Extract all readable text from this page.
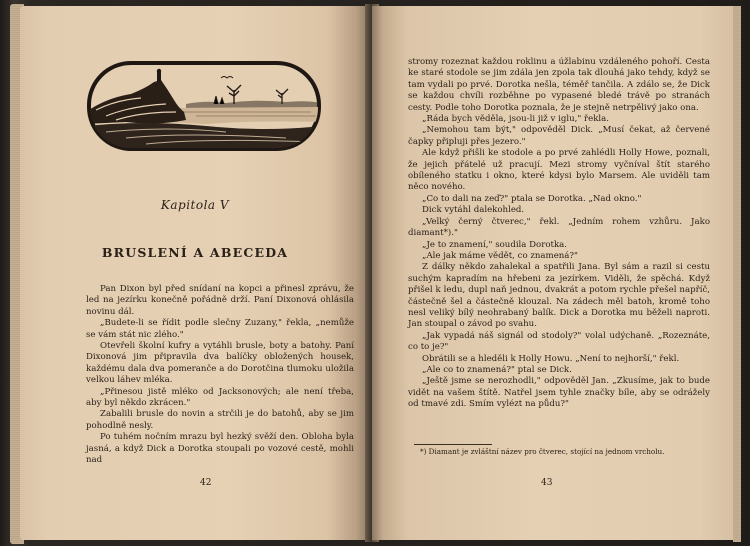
Kapitola V
BRUSLENÍ A ABECEDA

Pan Dixon byl před snídaní na kopci a přinesl zprávu, že led na jezírku konečně pořádně drží. Paní Dixonová ohlásila novinu dál.

„Budete-li se řídit podle slečny Zuzany," řekla, „nemůže se vám stát nic zlého."

Otevřeli školní kufry a vytáhli brusle, boty a batohy. Paní Dixonová jim připravila dva balíčky obložených housek, každému dala dva pomeranče a do Dorotčina tlumoku uložila velkou láhev mléka.

„Přinesou jistě mléko od Jacksonových; ale není třeba, aby byl někdo zkrácen."

Zabalili brusle do novin a strčili je do batohů, aby se jim pohodlně nesly.

Po tuhém nočním mrazu byl hezký svěží den. Obloha byla jasná, a když Dick a Dorotka stoupali po vozové cestě, mohli nad

42

stromy rozeznat každou roklinu a úžlabinu vzdáleného pohoří. Cesta ke staré stodole se jim zdála jen zpola tak dlouhá jako tehdy, když se tam vydali po prvé. Dorotka nešla, téměř tančila. A zdálo se, že Dick se každou chvíli rozběhne po vypasené bledé trávě po stranách cesty. Podle toho Dorotka poznala, že je stejně netrpělivý jako ona.

„Ráda bych věděla, jsou-li již v iglu," řekla.

„Nemohou tam být," odpověděl Dick. „Musí čekat, až červené čapky připluji přes jezero."

Ale když přišli ke stodole a po prvé zahlédli Holly Howe, poznali, že jejich přátelé už pracují. Mezi stromy vyčníval štít starého obíleného statku i okno, které kdysi bylo Marsem. Ale uviděli tam něco nového.

„Co to dali na zeď?" ptala se Dorotka. „Nad okno."

Dick vytáhl dalekohled.

„Velký černý čtverec," řekl. „Jedním rohem vzhůru. Jako diamant*)."

„Je to znamení," soudila Dorotka.

„Ale jak máme vědět, co znamená?"

Z dálky někdo zahalekal a spatřili Jana. Byl sám a razil si cestu suchým kapradím na hřebeni za jezírkem. Viděli, že spěchá. Když přišel k ledu, dupl naň jednou, dvakrát a potom rychle přešel napříč, částečně šel a částečně klouzal. Na zádech měl batoh, kromě toho nesl veliký bílý neohrabaný balík. Dick a Dorotka mu běželi naproti. Jan stoupal o závod po svahu.

„Jak vypadá náš signál od stodoly?" volal udýchaně. „Rozeznáte, co to je?"

Obrátili se a hleděli k Holly Howu. „Není to nejhorší," řekl.

„Ale co to znamená?" ptal se Dick.

„Ještě jsme se nerozhodli," odpověděl Jan. „Zkusíme, jak to bude vidět na vašem štítě. Natřel jsem tyhle značky bíle, aby se odrážely od tmavé zdi. Smím vylézt na půdu?"

*) Diamant je zvláštní název pro čtverec, stojící na jednom vrcholu.
43
